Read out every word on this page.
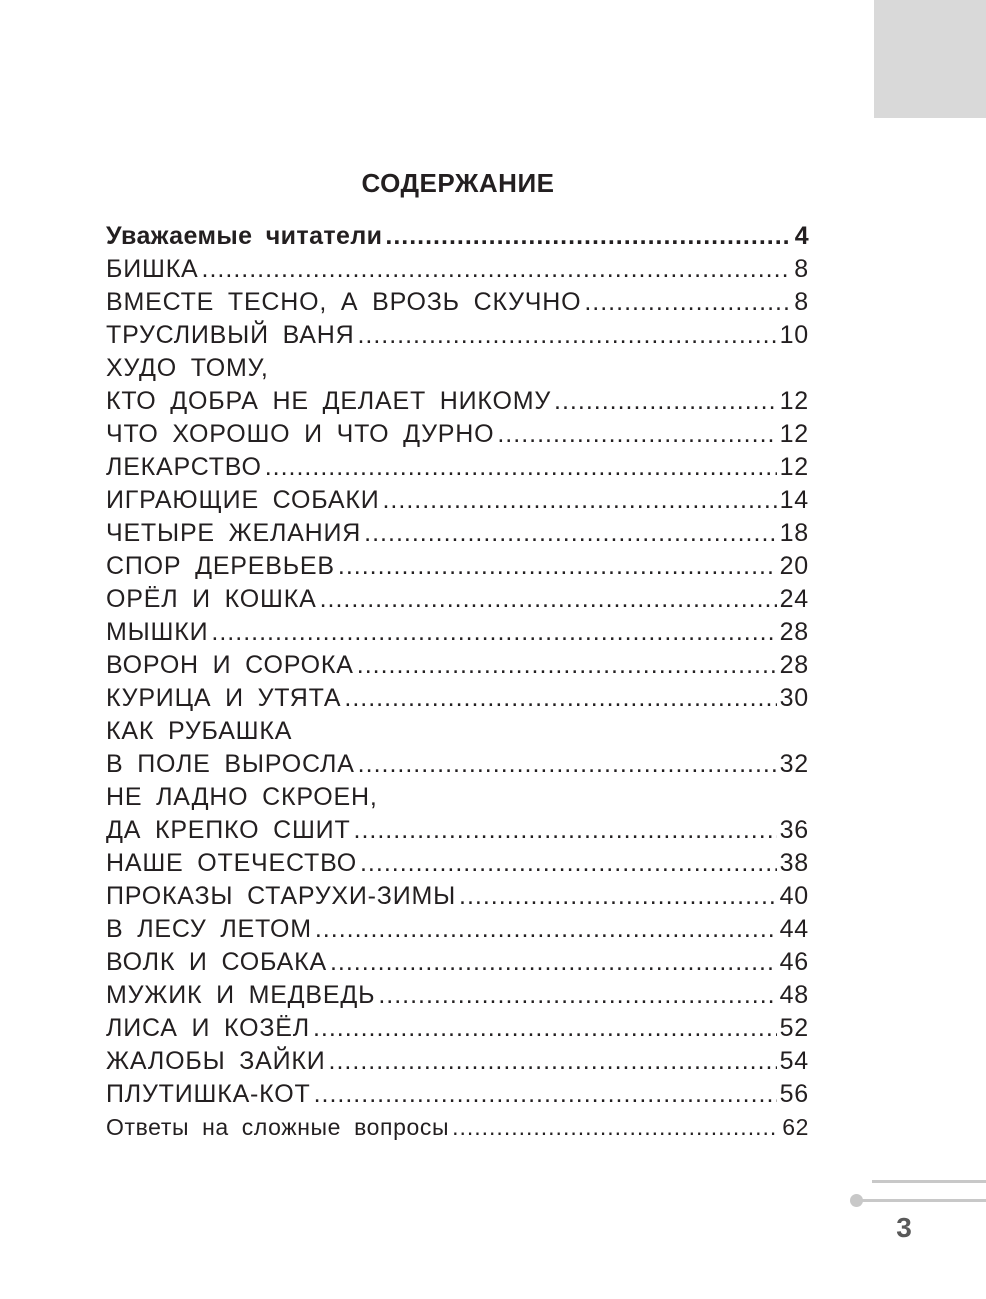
СОДЕРЖАНИЕ
Уважаемые читатели .....	4
БИШКА .....	8
ВМЕСТЕ ТЕСНО, А ВРОЗЬ СКУЧНО .....	8
ТРУСЛИВЫЙ ВАНЯ .....	10
ХУДО ТОМУ,
КТО ДОБРА НЕ ДЕЛАЕТ НИКОМУ .....	12
ЧТО ХОРОШО И ЧТО ДУРНО .....	12
ЛЕКАРСТВО .....	12
ИГРАЮЩИЕ СОБАКИ .....	14
ЧЕТЫРЕ ЖЕЛАНИЯ .....	18
СПОР ДЕРЕВЬЕВ .....	20
ОРЁЛ И КОШКА .....	24
МЫШКИ .....	28
ВОРОН И СОРОКА .....	28
КУРИЦА И УТЯТА .....	30
КАК РУБАШКА
В ПОЛЕ ВЫРОСЛА .....	32
НЕ ЛАДНО СКРОЕН,
ДА КРЕПКО СШИТ .....	36
НАШЕ ОТЕЧЕСТВО .....	38
ПРОКАЗЫ СТАРУХИ-ЗИМЫ .....	40
В ЛЕСУ ЛЕТОМ .....	44
ВОЛК И СОБАКА .....	46
МУЖИК И МЕДВЕДЬ .....	48
ЛИСА И КОЗЁЛ .....	52
ЖАЛОБЫ ЗАЙКИ .....	54
ПЛУТИШКА-КОТ .....	56
Ответы на сложные вопросы .....	62
3
